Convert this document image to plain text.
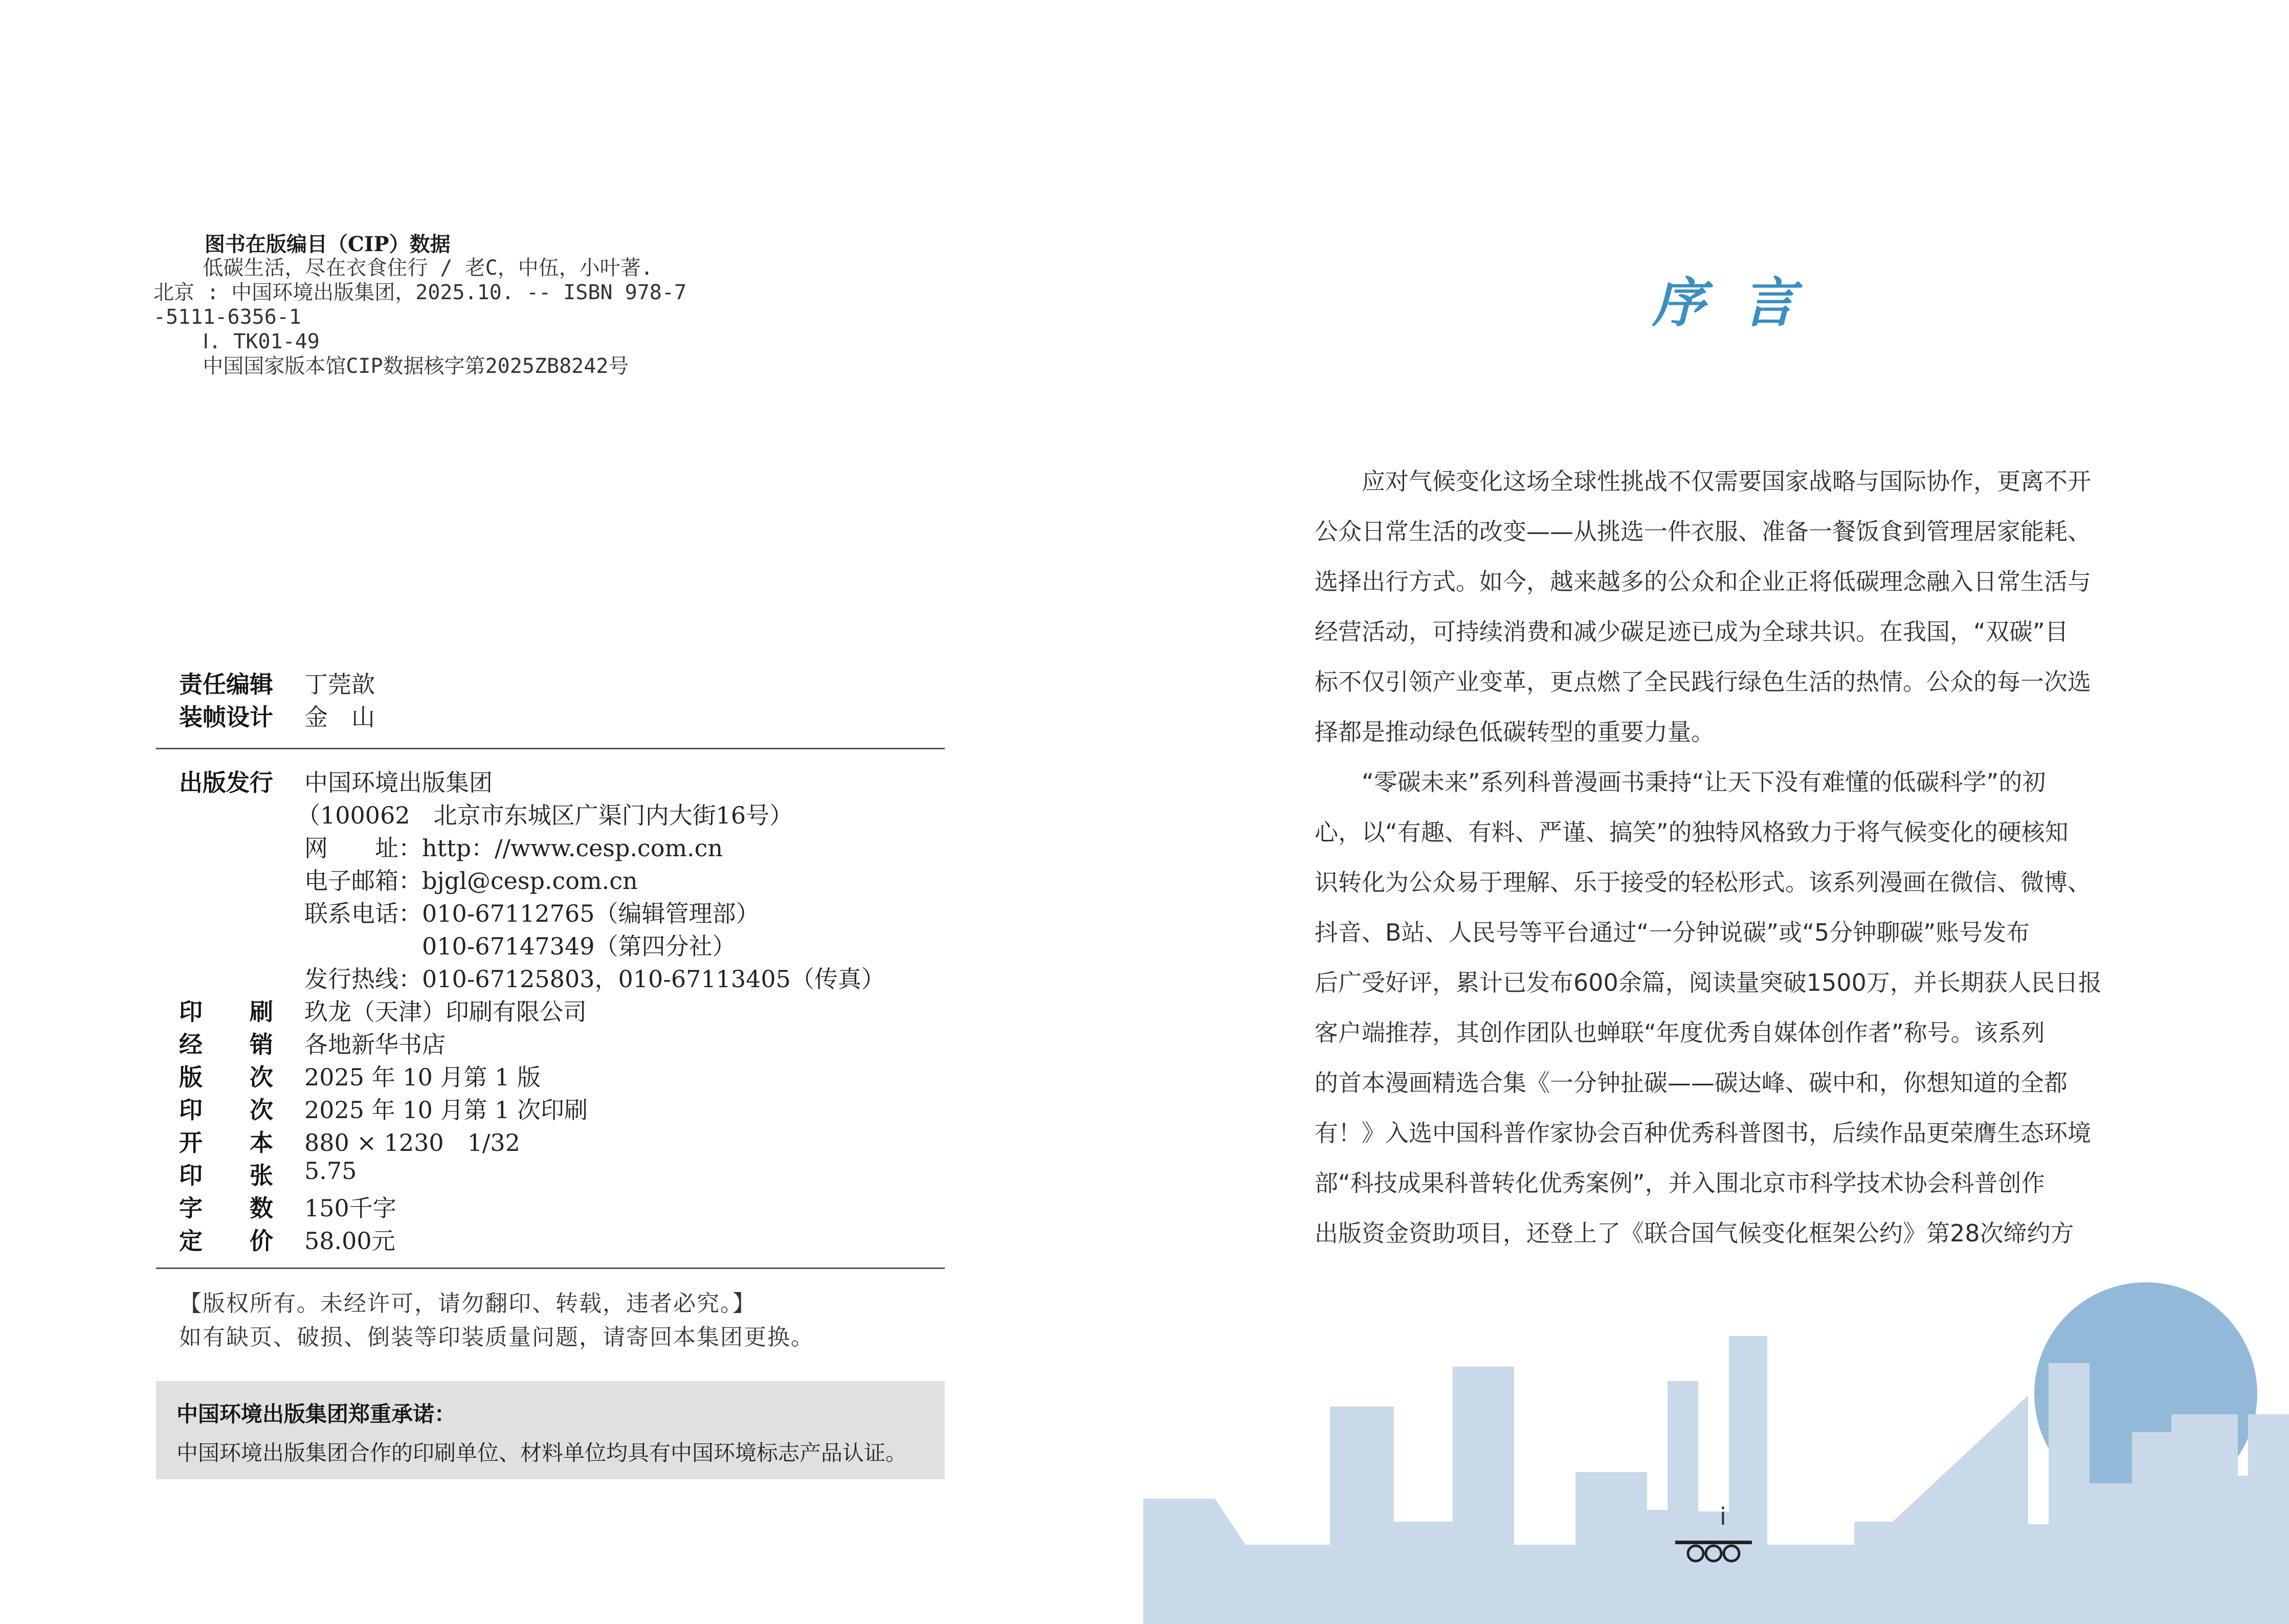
图书在版编目（CIP）数据
低碳生活，尽在衣食住行 / 老C，中伍，小叶著.
北京 : 中国环境出版集团，2025.10. -- ISBN 978-7
-5111-6356-1
Ⅰ. TK01-49
中国国家版本馆CIP数据核字第2025ZB8242号
责任编辑 丁莞歆
装帧设计 金　山
出版发行 中国环境出版集团
（100062　北京市东城区广渠门内大街16号）
网　　址：http：//www.cesp.com.cn
电子邮箱：bjgl@cesp.com.cn
联系电话：010-67112765（编辑管理部）
　　　　　010-67147349（第四分社）
发行热线：010-67125803，010-67113405（传真）
印　　刷 玖龙（天津）印刷有限公司
经　　销 各地新华书店
版　　次 2025 年 10 月第 1 版
印　　次 2025 年 10 月第 1 次印刷
开　　本 880 × 1230　1/32
印　　张 5.75
字　　数 150千字
定　　价 58.00元
【版权所有。未经许可，请勿翻印、转载，违者必究。】
如有缺页、破损、倒装等印装质量问题，请寄回本集团更换。
中国环境出版集团郑重承诺：
中国环境出版集团合作的印刷单位、材料单位均具有中国环境标志产品认证。
序言
　　应对气候变化这场全球性挑战不仅需要国家战略与国际协作，更离不开
公众日常生活的改变——从挑选一件衣服、准备一餐饭食到管理居家能耗、
选择出行方式。如今，越来越多的公众和企业正将低碳理念融入日常生活与
经营活动，可持续消费和减少碳足迹已成为全球共识。在我国，“双碳”目
标不仅引领产业变革，更点燃了全民践行绿色生活的热情。公众的每一次选
择都是推动绿色低碳转型的重要力量。
　　“零碳未来”系列科普漫画书秉持“让天下没有难懂的低碳科学”的初
心，以“有趣、有料、严谨、搞笑”的独特风格致力于将气候变化的硬核知
识转化为公众易于理解、乐于接受的轻松形式。该系列漫画在微信、微博、
抖音、B站、人民号等平台通过“一分钟说碳”或“5分钟聊碳”账号发布
后广受好评，累计已发布600余篇，阅读量突破1500万，并长期获人民日报
客户端推荐，其创作团队也蝉联“年度优秀自媒体创作者”称号。该系列
的首本漫画精选合集《一分钟扯碳——碳达峰、碳中和，你想知道的全都
有！》入选中国科普作家协会百种优秀科普图书，后续作品更荣膺生态环境
部“科技成果科普转化优秀案例”，并入围北京市科学技术协会科普创作
出版资金资助项目，还登上了《联合国气候变化框架公约》第28次缔约方
i
